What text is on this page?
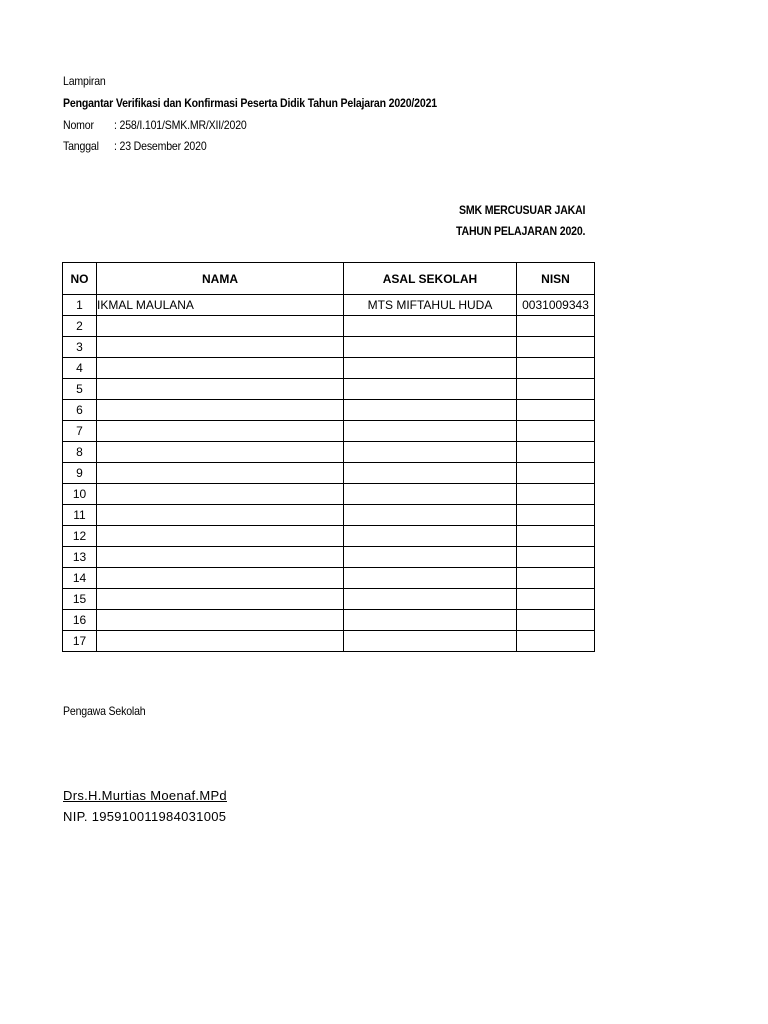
Lampiran
Pengantar Verifikasi dan Konfirmasi Peserta Didik Tahun Pelajaran 2020/2021
Nomor : 258/I.101/SMK.MR/XII/2020
Tanggal : 23 Desember 2020
SMK MERCUSUAR JAKAI
TAHUN PELAJARAN 2020.
NO	NAMA	ASAL SEKOLAH	NISN
1	IKMAL MAULANA	MTS MIFTAHUL HUDA	0031009343
2			
3			
4			
5			
6			
7			
8			
9			
10			
11			
12			
13			
14			
15			
16			
17			
Pengawa Sekolah
Drs.H.Murtias Moenaf.MPd
NIP. 195910011984031005
